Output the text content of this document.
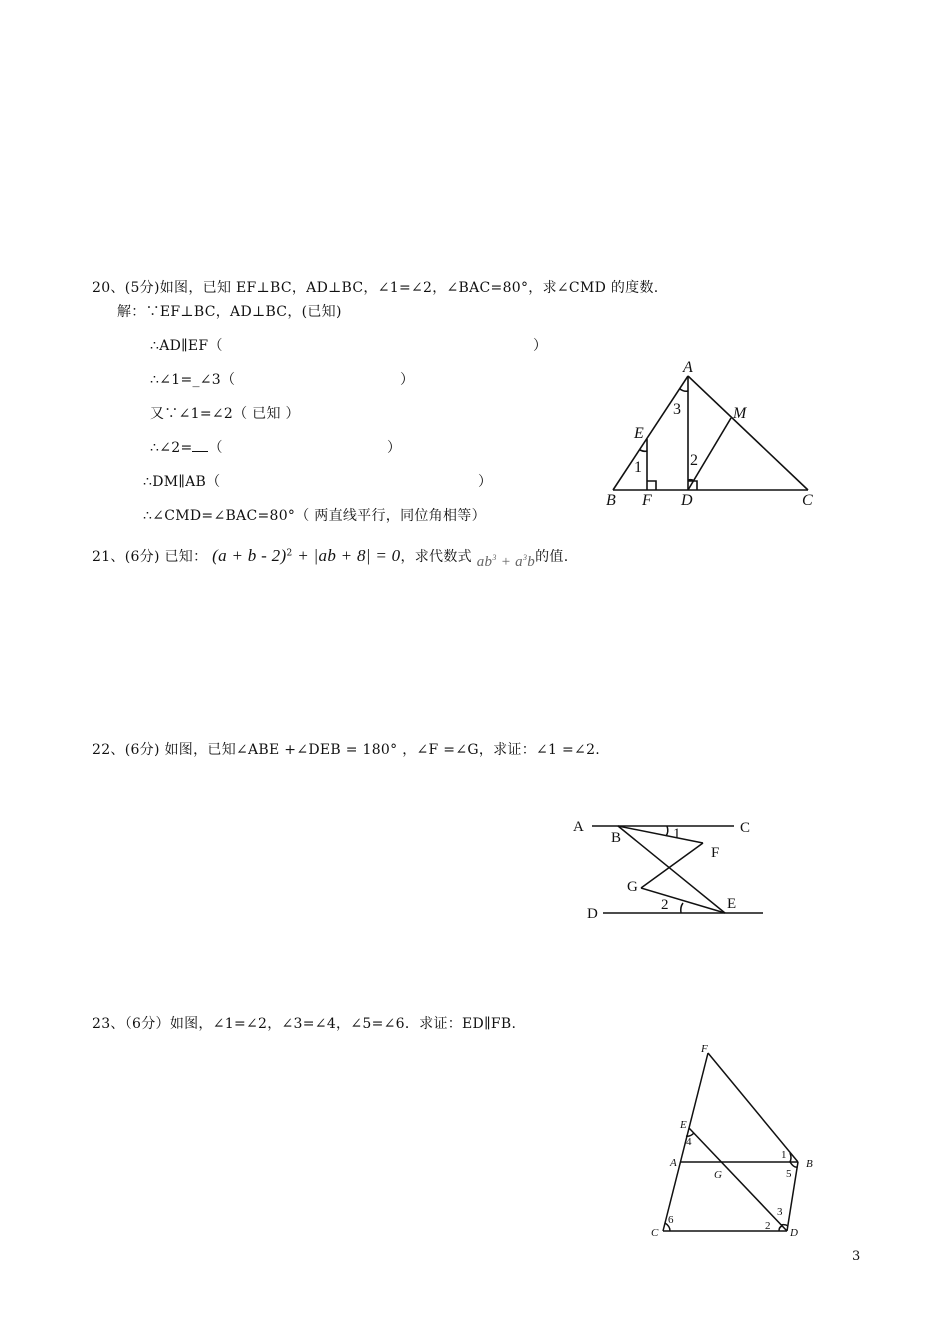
20、(5分)如图，已知 EF⊥BC，AD⊥BC，∠1=∠2，∠BAC=80°，求∠CMD 的度数.
解：∵EF⊥BC，AD⊥BC，(已知)
∴AD∥EF（	）
∴∠1=_∠3（	）
又∵∠1=∠2（ 已知 ）
∴∠2= （	）
∴DM∥AB（	）
∴∠CMD=∠BAC=80°（ 两直线平行，同位角相等）
A
M
3
E
2
1
B F D	C
21、(6分) 已知： $(a + b - 2)^2 + |ab + 8| = 0$，求代数式 $ab^3 + a^3b$的值.
22、(6分) 如图，已知∠ABE +∠DEB = 180° ，∠F =∠G，求证：∠1 =∠2.
A	C
B	1
F
G
D
2	E
23、（6分）如图，∠1=∠2，∠3=∠4，∠5=∠6．求证：ED∥FB.
F
E
4
1
A	B
G	5
3
6	2
C	D
3
